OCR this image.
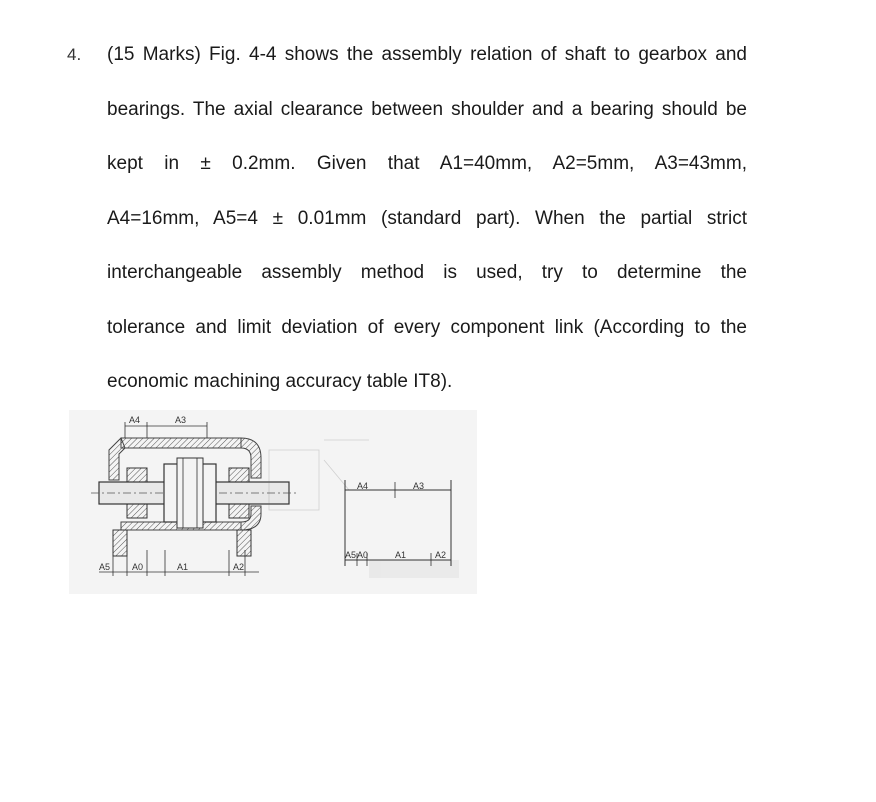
4. (15 Marks) Fig. 4-4 shows the assembly relation of shaft to gearbox and
bearings. The axial clearance between shoulder and a bearing should be
kept in ± 0.2mm. Given that A1=40mm, A2=5mm, A3=43mm,
A4=16mm, A5=4 ± 0.01mm (standard part). When the partial strict
interchangeable assembly method is used, try to determine the
tolerance and limit deviation of every component link (According to the
economic machining accuracy table IT8).
A4	A3
A5 A0	A1	A2
A4	A3
A5 A0	A1	A2
